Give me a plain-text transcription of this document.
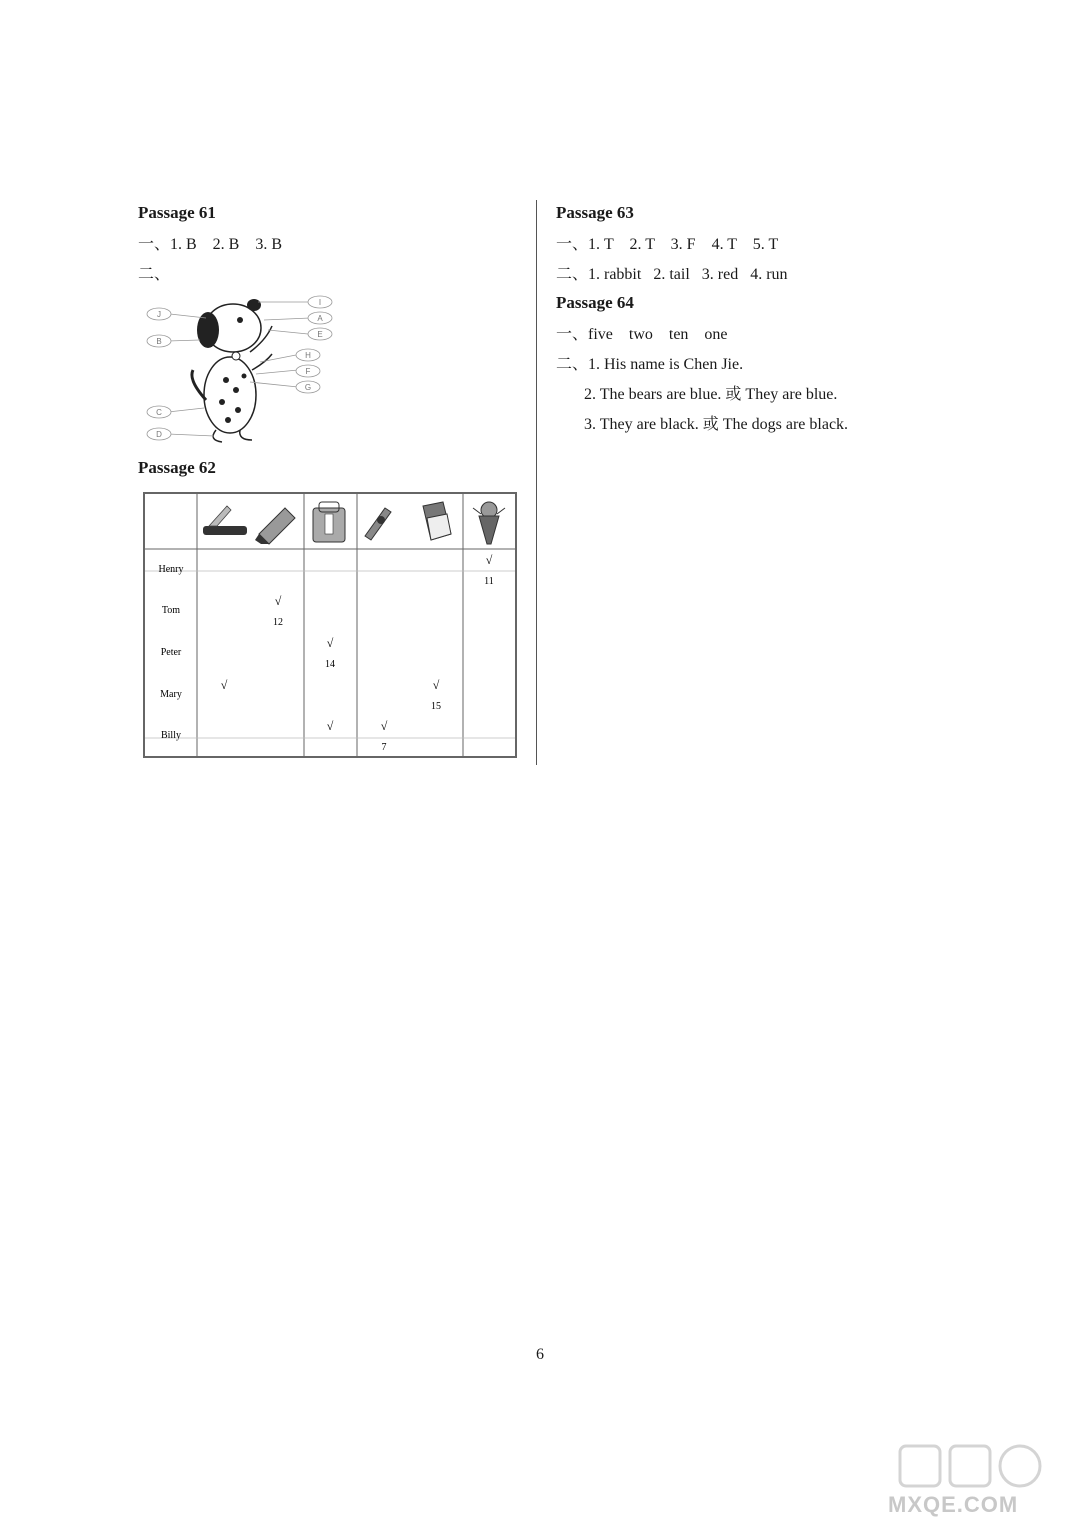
Passage 61
一、1. B    2. B    3. B
二、
I
A
E
H
F
G
J
B
C
D
Passage 62
Henry
Tom
Peter
Mary
Billy
√
11
√
12
√
14
√	√
15
√	√
7
Passage 63
一、1. T    2. T    3. F    4. T    5. T
二、1. rabbit   2. tail   3. red   4. run
Passage 64
一、five    two    ten    one
二、1. His name is Chen Jie.
2. The bears are blue. 或 They are blue.
3. They are black. 或 The dogs are black.
6
MXQE.COM
